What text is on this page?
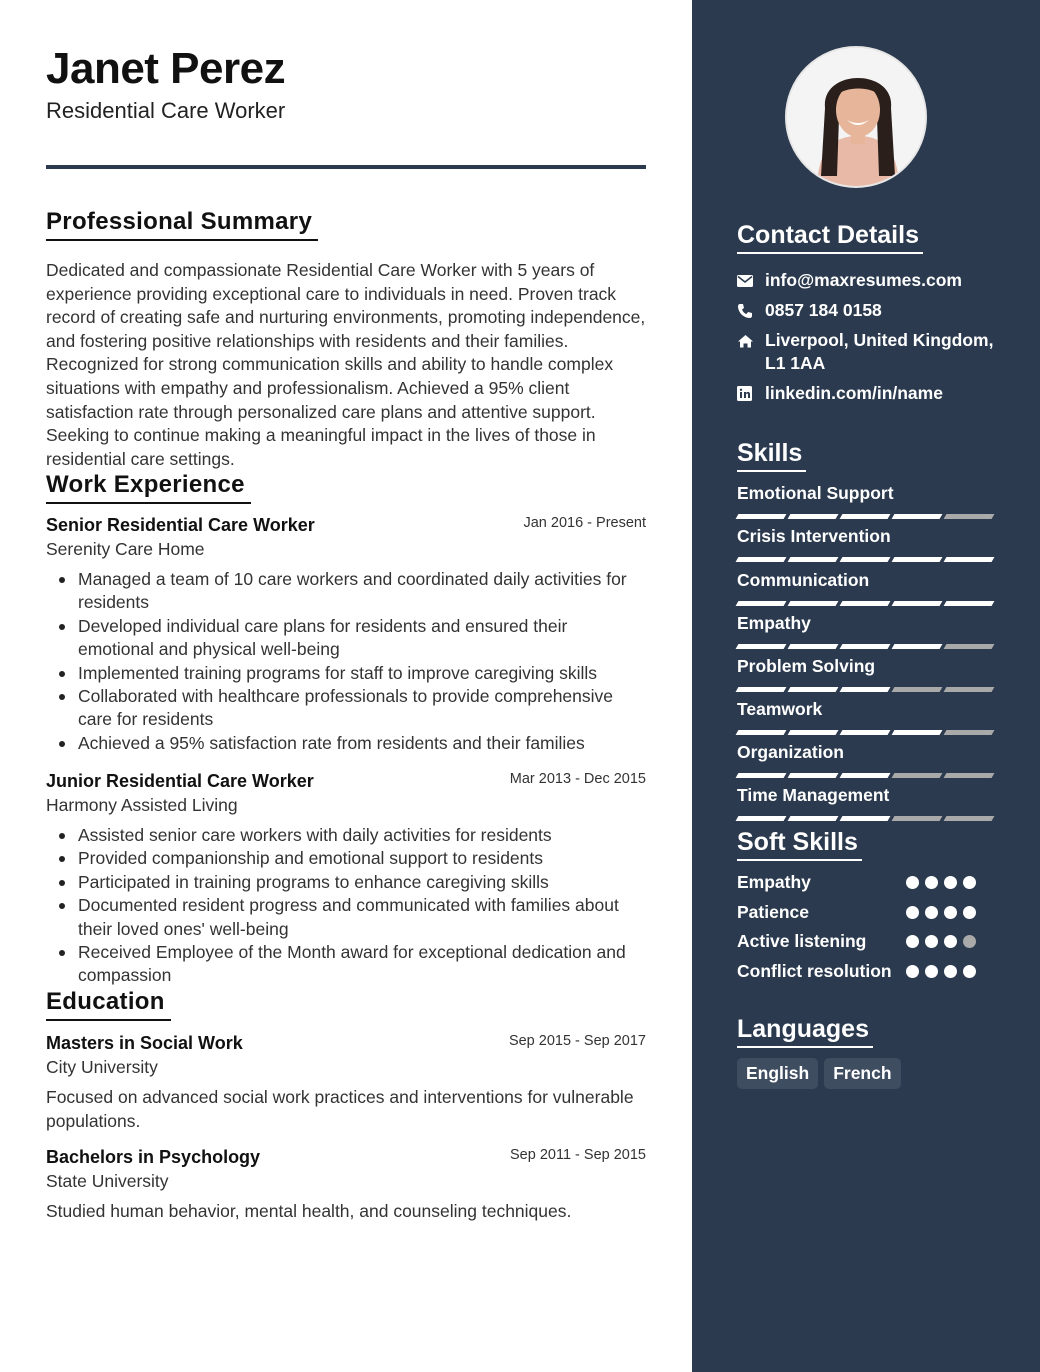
Janet Perez
Residential Care Worker
Professional Summary

Dedicated and compassionate Residential Care Worker with 5 years of experience providing exceptional care to individuals in need. Proven track record of creating safe and nurturing environments, promoting independence, and fostering positive relationships with residents and their families. Recognized for strong communication skills and ability to handle complex situations with empathy and professionalism. Achieved a 95% client satisfaction rate through personalized care plans and attentive support. Seeking to continue making a meaningful impact in the lives of those in residential care settings.

Work Experience
Senior Residential Care Worker	Jan 2016 - Present
Serenity Care Home
Managed a team of 10 care workers and coordinated daily activities for residents
Developed individual care plans for residents and ensured their emotional and physical well-being
Implemented training programs for staff to improve caregiving skills
Collaborated with healthcare professionals to provide comprehensive care for residents
Achieved a 95% satisfaction rate from residents and their families
Junior Residential Care Worker	Mar 2013 - Dec 2015
Harmony Assisted Living
Assisted senior care workers with daily activities for residents
Provided companionship and emotional support to residents
Participated in training programs to enhance caregiving skills
Documented resident progress and communicated with families about their loved ones' well-being
Received Employee of the Month award for exceptional dedication and compassion
Education
Masters in Social Work	Sep 2015 - Sep 2017
City University

Focused on advanced social work practices and interventions for vulnerable populations.

Bachelors in Psychology	Sep 2011 - Sep 2015
State University

Studied human behavior, mental health, and counseling techniques.

Contact Details
info@maxresumes.com
0857 184 0158
Liverpool, United Kingdom, L1 1AA
linkedin.com/in/name
Skills
Emotional Support
Crisis Intervention
Communication
Empathy
Problem Solving
Teamwork
Organization
Time Management
Soft Skills
Empathy
Patience
Active listening
Conflict resolution
Languages
English	French
